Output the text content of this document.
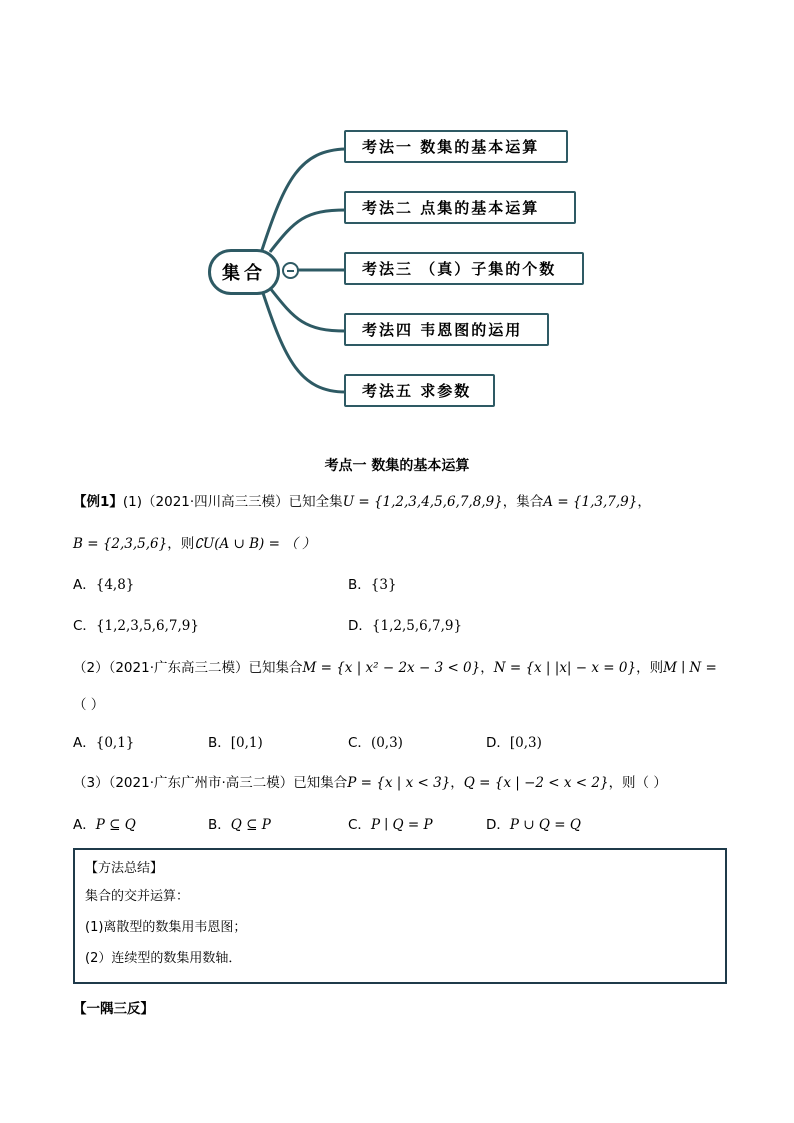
集合
考法一 数集的基本运算
考法二 点集的基本运算
考法三 （真）子集的个数
考法四 韦恩图的运用
考法五 求参数
考点一 数集的基本运算
【例1】(1)（2021·四川高三三模）已知全集U = {1,2,3,4,5,6,7,8,9}，集合A = {1,3,7,9}，
B = {2,3,5,6}，则∁U(A ∪ B) = （ ）
A．{4,8}	B．{3}
C．{1,2,3,5,6,7,9}	D．{1,2,5,6,7,9}
（2）（2021·广东高三二模）已知集合M = {x | x² − 2x − 3 < 0}，N = {x | |x| − x = 0}，则M ∣ N =
（ ）
A．{0,1}	B．[0,1)	C．(0,3)	D．[0,3)
（3）（2021·广东广州市·高三二模）已知集合P = {x | x < 3}，Q = {x | −2 < x < 2}，则（ ）
A．P ⊆ Q	B．Q ⊆ P	C．P ∣ Q = P	D．P ∪ Q = Q
【方法总结】
集合的交并运算：
(1)离散型的数集用韦恩图；
(2）连续型的数集用数轴．
【一隅三反】
